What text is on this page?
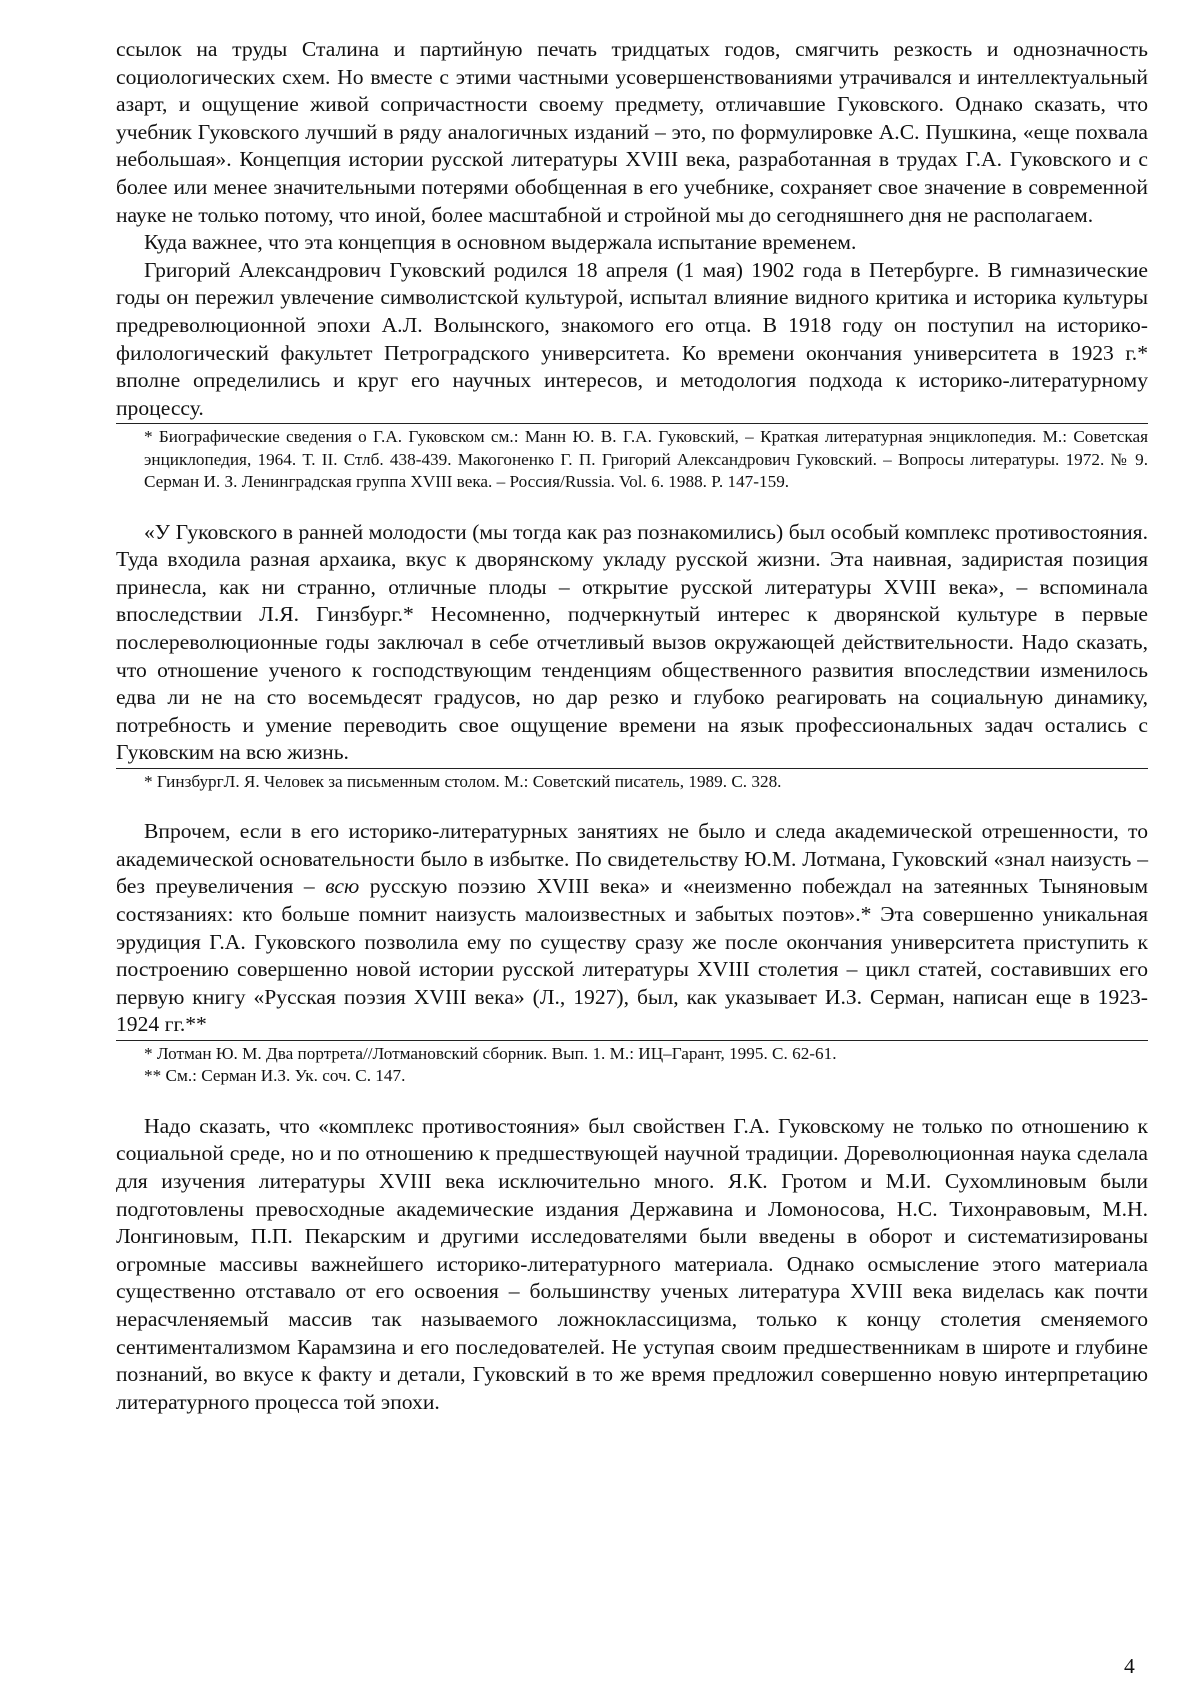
ссылок на труды Сталина и партийную печать тридцатых годов, смягчить резкость и однозначность социологических схем. Но вместе с этими частными усовершенствованиями утрачивался и интеллектуальный азарт, и ощущение живой сопричастности своему предмету, отличавшие Гуковского. Однако сказать, что учебник Гуковского лучший в ряду аналогичных изданий – это, по формулировке А.С. Пушкина, «еще похвала небольшая». Концепция истории русской литературы XVIII века, разработанная в трудах Г.А. Гуковского и с более или менее значительными потерями обобщенная в его учебнике, сохраняет свое значение в современной науке не только потому, что иной, более масштабной и стройной мы до сегодняшнего дня не располагаем.

Куда важнее, что эта концепция в основном выдержала испытание временем.

Григорий Александрович Гуковский родился 18 апреля (1 мая) 1902 года в Петербурге. В гимназические годы он пережил увлечение символистской культурой, испытал влияние видного критика и историка культуры предреволюционной эпохи А.Л. Волынского, знакомого его отца. В 1918 году он поступил на историко-филологический факультет Петроградского университета. Ко времени окончания университета в 1923 г.* вполне определились и круг его научных интересов, и методология подхода к историко-литературному процессу.

* Биографические сведения о Г.А. Гуковском см.: Манн Ю. В. Г.А. Гуковский, – Краткая литературная энциклопедия. М.: Советская энциклопедия, 1964. Т. II. Стлб. 438-439. Макогоненко Г. П. Григорий Александрович Гуковский. – Вопросы литературы. 1972. № 9. Серман И. З. Ленинградская группа XVIII века. – Россия/Russia. Vol. 6. 1988. P. 147-159.

«У Гуковского в ранней молодости (мы тогда как раз познакомились) был особый комплекс противостояния. Туда входила разная архаика, вкус к дворянскому укладу русской жизни. Эта наивная, задиристая позиция принесла, как ни странно, отличные плоды – открытие русской литературы XVIII века», – вспоминала впоследствии Л.Я. Гинзбург.* Несомненно, подчеркнутый интерес к дворянской культуре в первые послереволюционные годы заключал в себе отчетливый вызов окружающей действительности. Надо сказать, что отношение ученого к господствующим тенденциям общественного развития впоследствии изменилось едва ли не на сто восемьдесят градусов, но дар резко и глубоко реагировать на социальную динамику, потребность и умение переводить свое ощущение времени на язык профессиональных задач остались с Гуковским на всю жизнь.

* ГинзбургЛ. Я. Человек за письменным столом. М.: Советский писатель, 1989. С. 328.

Впрочем, если в его историко-литературных занятиях не было и следа академической отрешенности, то академической основательности было в избытке. По свидетельству Ю.М. Лотмана, Гуковский «знал наизусть – без преувеличения – всю русскую поэзию XVIII века» и «неизменно побеждал на затеянных Тыняновым состязаниях: кто больше помнит наизусть малоизвестных и забытых поэтов».* Эта совершенно уникальная эрудиция Г.А. Гуковского позволила ему по существу сразу же после окончания университета приступить к построению совершенно новой истории русской литературы XVIII столетия – цикл статей, составивших его первую книгу «Русская поэзия XVIII века» (Л., 1927), был, как указывает И.З. Серман, написан еще в 1923-1924 гг.**

* Лотман Ю. М. Два портрета//Лотмановский сборник. Вып. 1. М.: ИЦ–Гарант, 1995. С. 62-61.

** См.: Серман И.З. Ук. соч. С. 147.

Надо сказать, что «комплекс противостояния» был свойствен Г.А. Гуковскому не только по отношению к социальной среде, но и по отношению к предшествующей научной традиции. Дореволюционная наука сделала для изучения литературы XVIII века исключительно много. Я.К. Гротом и М.И. Сухомлиновым были подготовлены превосходные академические издания Державина и Ломоносова, Н.С. Тихонравовым, М.Н. Лонгиновым, П.П. Пекарским и другими исследователями были введены в оборот и систематизированы огромные массивы важнейшего историко-литературного материала. Однако осмысление этого материала существенно отставало от его освоения – большинству ученых литература XVIII века виделась как почти нерасчленяемый массив так называемого ложноклассицизма, только к концу столетия сменяемого сентиментализмом Карамзина и его последователей. Не уступая своим предшественникам в широте и глубине познаний, во вкусе к факту и детали, Гуковский в то же время предложил совершенно новую интерпретацию литературного процесса той эпохи.

4
